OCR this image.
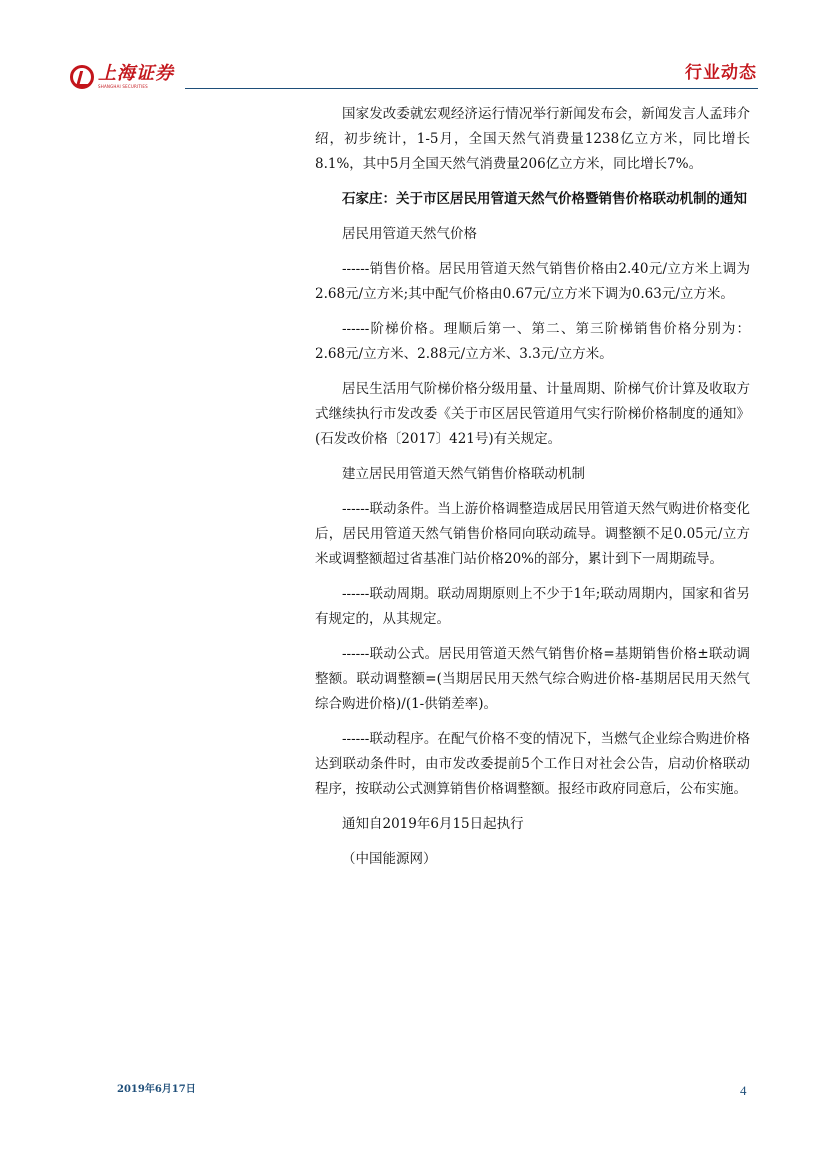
上海证券
SHANGHAI SECURITIES
行业动态

国家发改委就宏观经济运行情况举行新闻发布会，新闻发言人孟玮介绍，初步统计，1-5月，全国天然气消费量1238亿立方米，同比增长8.1%，其中5月全国天然气消费量206亿立方米，同比增长7%。

石家庄：关于市区居民用管道天然气价格暨销售价格联动机制的通知

居民用管道天然气价格

------销售价格。居民用管道天然气销售价格由2.40元/立方米上调为2.68元/立方米;其中配气价格由0.67元/立方米下调为0.63元/立方米。

------阶梯价格。理顺后第一、第二、第三阶梯销售价格分别为：2.68元/立方米、2.88元/立方米、3.3元/立方米。

居民生活用气阶梯价格分级用量、计量周期、阶梯气价计算及收取方式继续执行市发改委《关于市区居民管道用气实行阶梯价格制度的通知》(石发改价格〔2017〕421号)有关规定。

建立居民用管道天然气销售价格联动机制

------联动条件。当上游价格调整造成居民用管道天然气购进价格变化后，居民用管道天然气销售价格同向联动疏导。调整额不足0.05元/立方米或调整额超过省基准门站价格20%的部分，累计到下一周期疏导。

------联动周期。联动周期原则上不少于1年;联动周期内，国家和省另有规定的，从其规定。

------联动公式。居民用管道天然气销售价格=基期销售价格±联动调整额。联动调整额=(当期居民用天然气综合购进价格-基期居民用天然气综合购进价格)/(1-供销差率)。

------联动程序。在配气价格不变的情况下，当燃气企业综合购进价格达到联动条件时，由市发改委提前5个工作日对社会公告，启动价格联动程序，按联动公式测算销售价格调整额。报经市政府同意后，公布实施。

通知自2019年6月15日起执行

（中国能源网）

2019年6月17日	4
